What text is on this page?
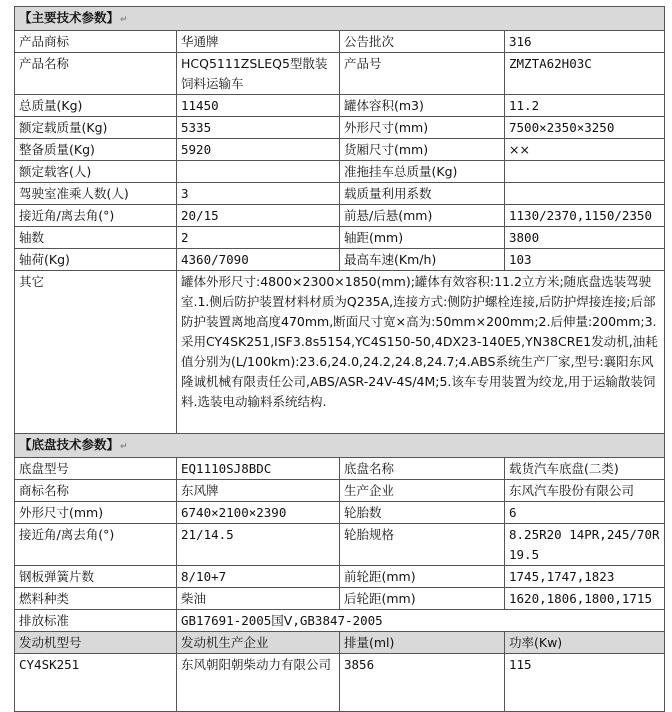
【主要技术参数】↵			
产品商标	华通牌	公告批次	316
产品名称	HCQ5111ZSLEQ5型散装饲料运输车	产品号	ZMZTA62H03C
总质量(Kg)	11450	罐体容积(m3)	11.2
额定载质量(Kg)	5335	外形尺寸(mm)	7500×2350×3250
整备质量(Kg)	5920	货厢尺寸(mm)	××
额定载客(人)		准拖挂车总质量(Kg)	
驾驶室准乘人数(人)	3	载质量利用系数	
接近角/离去角(°)	20/15	前悬/后悬(mm)	1130/2370,1150/2350
轴数	2	轴距(mm)	3800
轴荷(Kg)	4360/7090	最高车速(Km/h)	103
其它	罐体外形尺寸:4800×2300×1850(mm);罐体有效容积:11.2立方米;随底盘选装驾驶室.1.侧后防护装置材料材质为Q235A,连接方式:侧防护螺栓连接,后防护焊接连接;后部防护装置离地高度470mm,断面尺寸宽×高为:50mm×200mm;2.后伸量:200mm;3.采用CY4SK251,ISF3.8s5154,YC4S150-50,4DX23-140E5,YN38CRE1发动机,油耗值分别为(L/100km):23.6,24.0,24.2,24.8,24.7;4.ABS系统生产厂家,型号:襄阳东风隆诚机械有限责任公司,ABS/ASR-24V-4S/4M;5.该车专用装置为绞龙,用于运输散装饲料.选装电动输料系统结构.		
【底盘技术参数】↵			
底盘型号	EQ1110SJ8BDC	底盘名称	载货汽车底盘(二类)
商标名称	东风牌	生产企业	东风汽车股份有限公司
外形尺寸(mm)	6740×2100×2390	轮胎数	6
接近角/离去角(°)	21/14.5	轮胎规格	8.25R20 14PR,245/70R19.5
钢板弹簧片数	8/10+7	前轮距(mm)	1745,1747,1823
燃料种类	柴油	后轮距(mm)	1620,1806,1800,1715
排放标准	GB17691-2005国Ⅴ,GB3847-2005		
发动机型号	发动机生产企业	排量(ml)	功率(Kw)
CY4SK251	东风朝阳朝柴动力有限公司	3856	115
